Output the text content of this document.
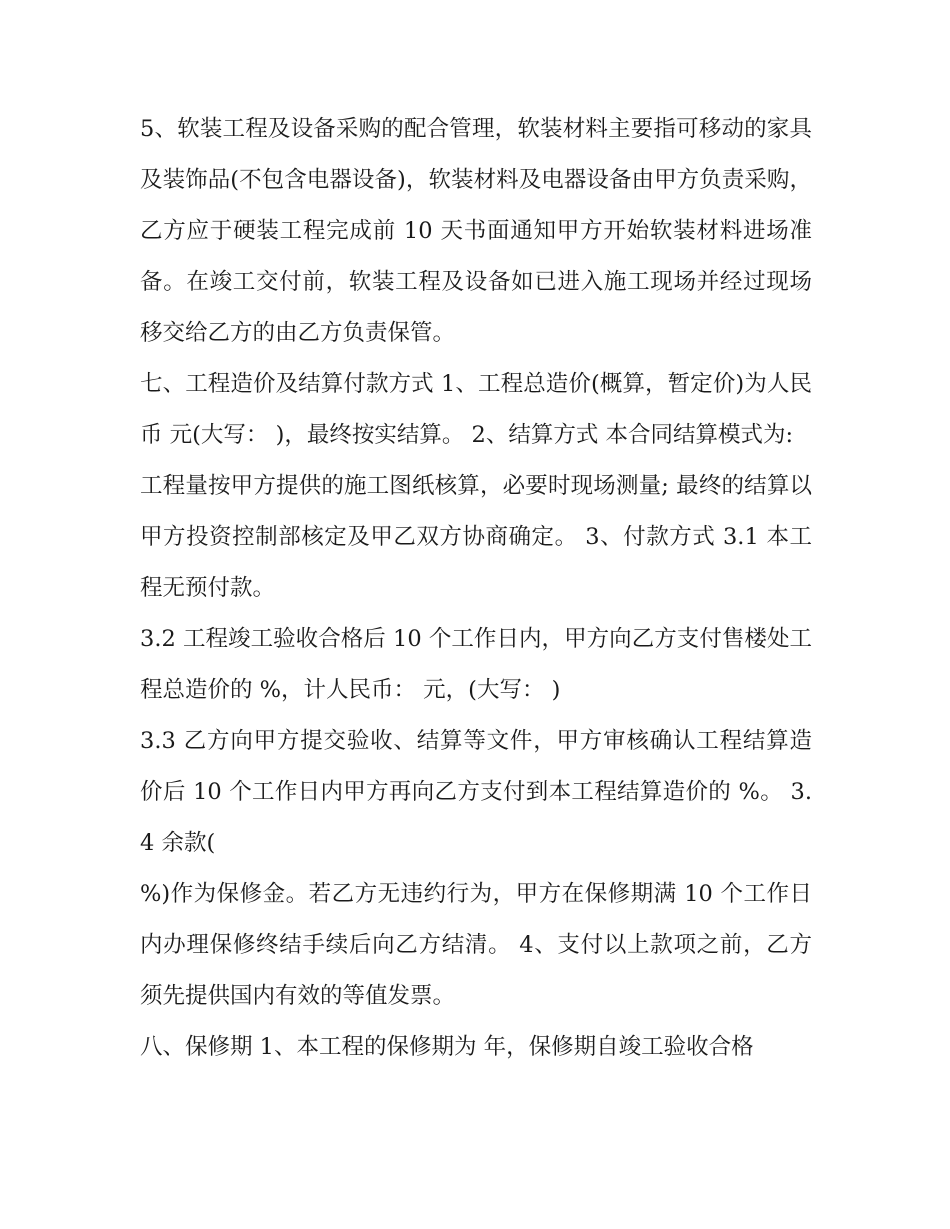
5、软装工程及设备采购的配合管理，软装材料主要指可移动的家具及装饰品(不包含电器设备)，软装材料及电器设备由甲方负责采购，乙方应于硬装工程完成前 10 天书面通知甲方开始软装材料进场准备。在竣工交付前，软装工程及设备如已进入施工现场并经过现场移交给乙方的由乙方负责保管。

七、工程造价及结算付款方式 1、工程总造价(概算，暂定价)为人民币 元(大写： )，最终按实结算。 2、结算方式 本合同结算模式为:

工程量按甲方提供的施工图纸核算，必要时现场测量; 最终的结算以甲方投资控制部核定及甲乙双方协商确定。 3、付款方式 3.1 本工程无预付款。

3.2 工程竣工验收合格后 10 个工作日内，甲方向乙方支付售楼处工程总造价的 %，计人民币： 元，(大写： )

3.3 乙方向甲方提交验收、结算等文件，甲方审核确认工程结算造价后 10 个工作日内甲方再向乙方支付到本工程结算造价的 %。 3.4 余款(

%)作为保修金。若乙方无违约行为，甲方在保修期满 10 个工作日内办理保修终结手续后向乙方结清。 4、支付以上款项之前，乙方须先提供国内有效的等值发票。

八、保修期 1、本工程的保修期为 年，保修期自竣工验收合格
